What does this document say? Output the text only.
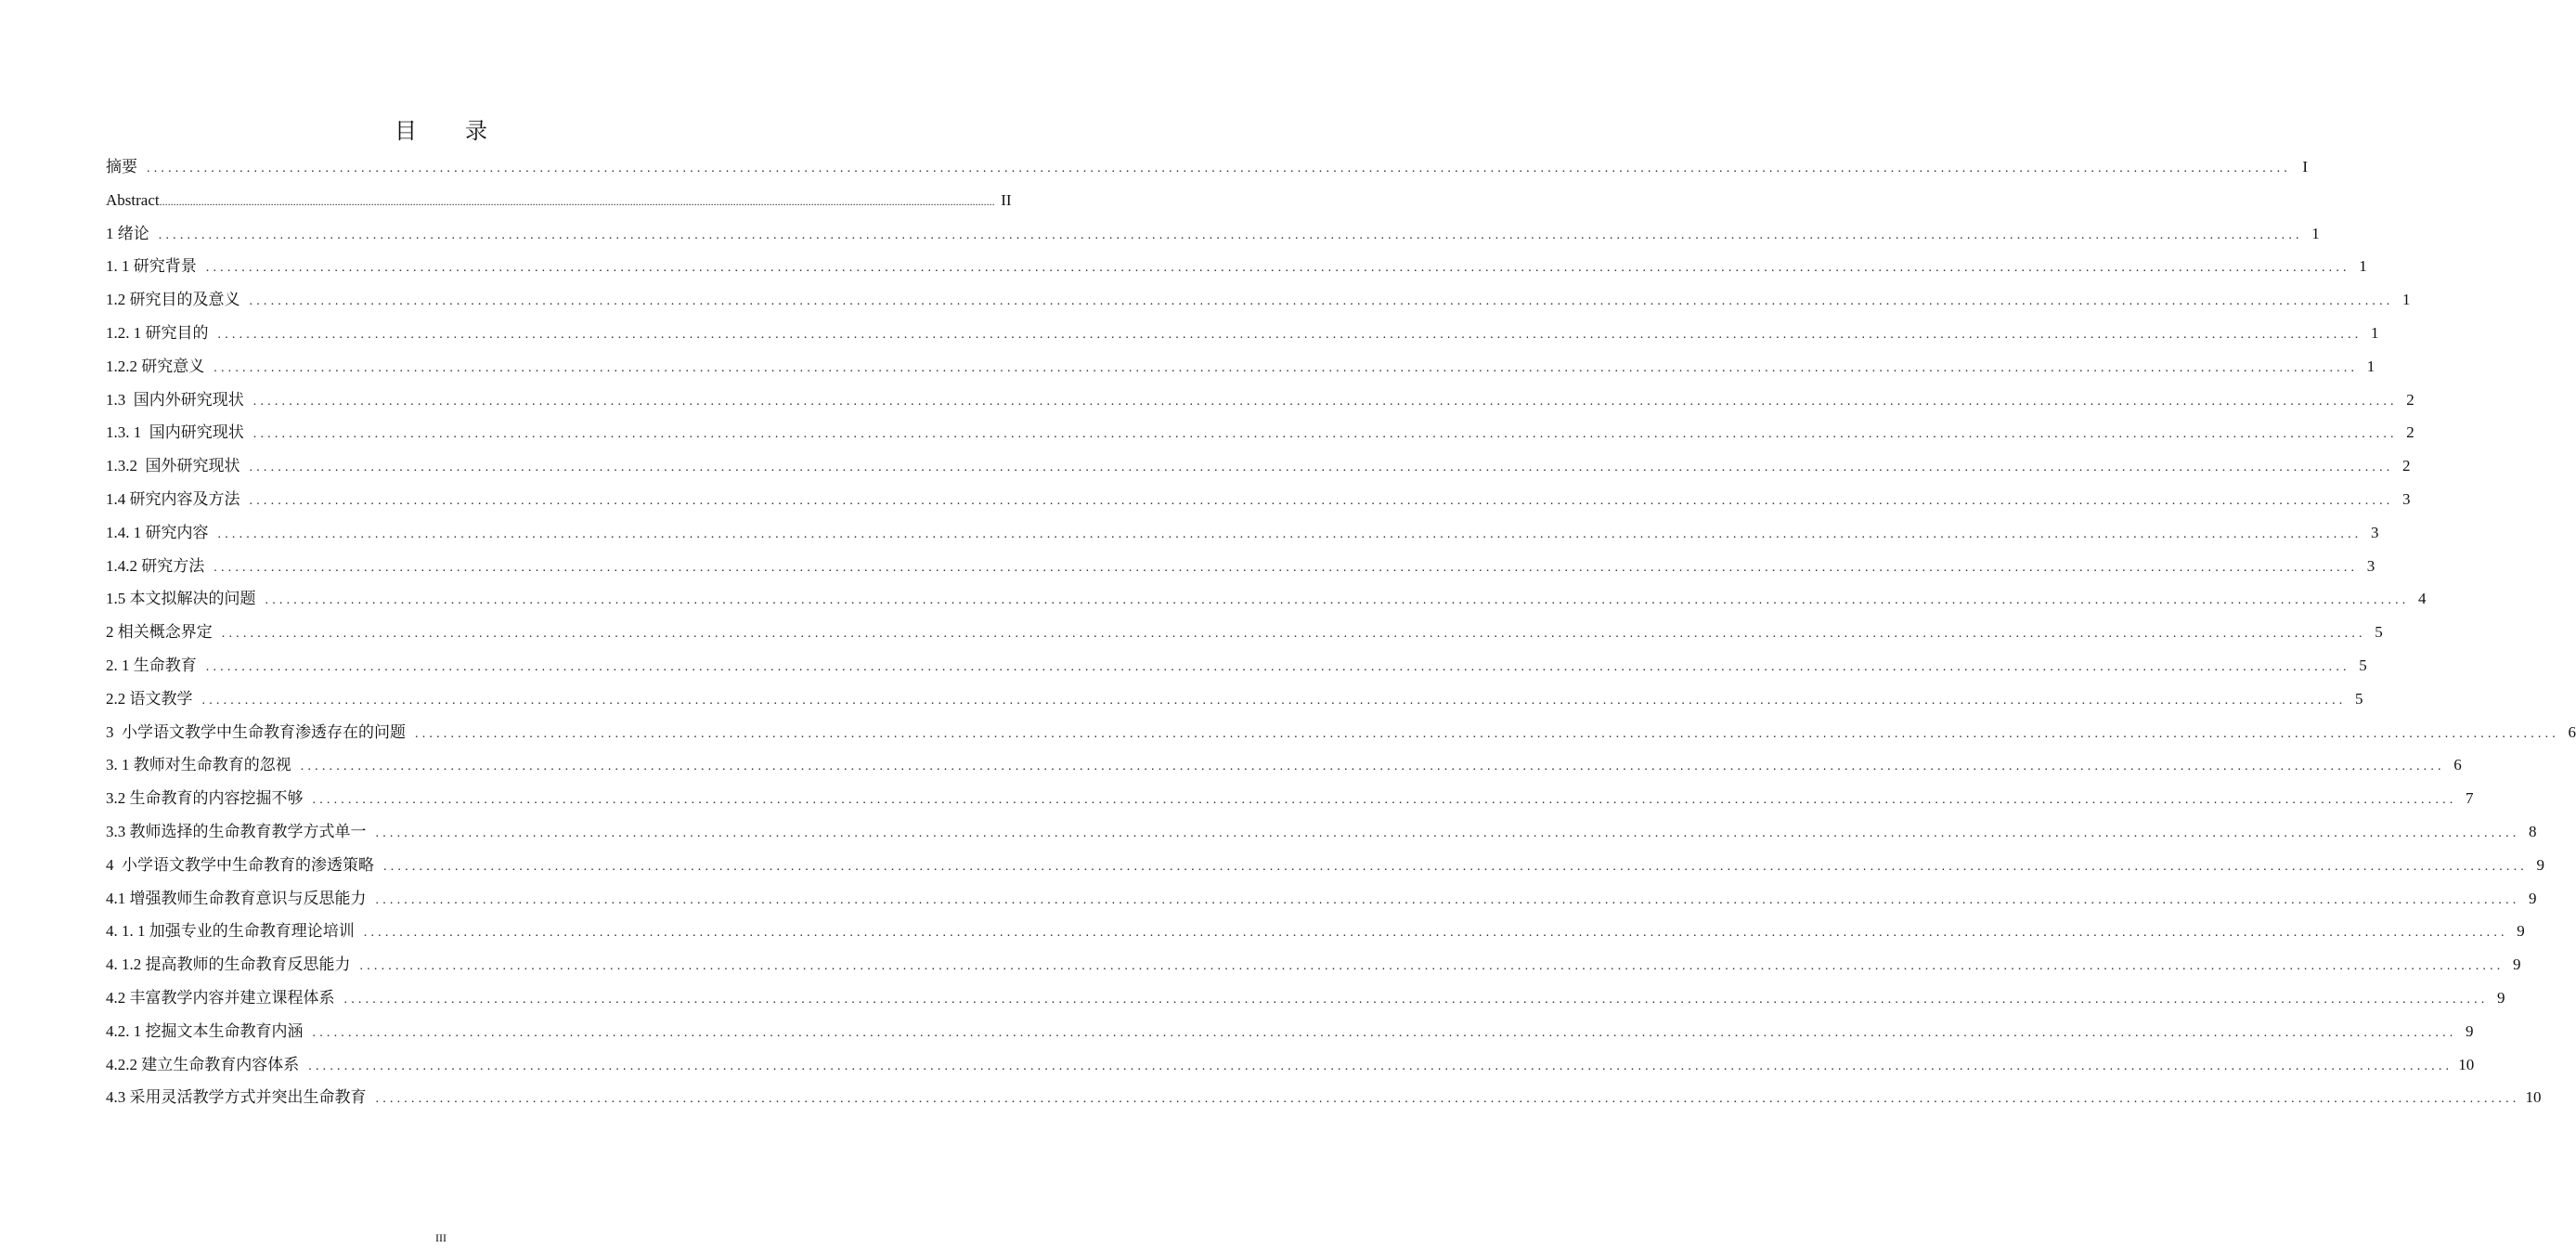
目　录
摘要 ............................................................................................................................................................................................................................................................................................................ I
Abstract ............................................................................................................................................................................................................................................................................................................ II
1 绪论 ............................................................................................................................................................................................................................................................................................................ 1
1. 1 研究背景 ............................................................................................................................................................................................................................................................................................................ 1
1.2 研究目的及意义 ............................................................................................................................................................................................................................................................................................................ 1
1.2. 1 研究目的 ............................................................................................................................................................................................................................................................................................................ 1
1.2.2 研究意义 ............................................................................................................................................................................................................................................................................................................ 1
1.3  国内外研究现状 ............................................................................................................................................................................................................................................................................................................ 2
1.3. 1  国内研究现状 ............................................................................................................................................................................................................................................................................................................ 2
1.3.2  国外研究现状 ............................................................................................................................................................................................................................................................................................................ 2
1.4 研究内容及方法 ............................................................................................................................................................................................................................................................................................................ 3
1.4. 1 研究内容 ............................................................................................................................................................................................................................................................................................................ 3
1.4.2 研究方法 ............................................................................................................................................................................................................................................................................................................ 3
1.5 本文拟解决的问题 ............................................................................................................................................................................................................................................................................................................ 4
2 相关概念界定 ............................................................................................................................................................................................................................................................................................................ 5
2. 1 生命教育 ............................................................................................................................................................................................................................................................................................................ 5
2.2 语文教学 ............................................................................................................................................................................................................................................................................................................ 5
3  小学语文教学中生命教育渗透存在的问题 ............................................................................................................................................................................................................................................................................................................ 6
3. 1 教师对生命教育的忽视 ............................................................................................................................................................................................................................................................................................................ 6
3.2 生命教育的内容挖掘不够 ............................................................................................................................................................................................................................................................................................................ 7
3.3 教师选择的生命教育教学方式单一 ............................................................................................................................................................................................................................................................................................................ 8
4  小学语文教学中生命教育的渗透策略 ............................................................................................................................................................................................................................................................................................................ 9
4.1 增强教师生命教育意识与反思能力 ............................................................................................................................................................................................................................................................................................................ 9
4. 1. 1 加强专业的生命教育理论培训 ............................................................................................................................................................................................................................................................................................................ 9
4. 1.2 提高教师的生命教育反思能力 ............................................................................................................................................................................................................................................................................................................ 9
4.2 丰富教学内容并建立课程体系 ............................................................................................................................................................................................................................................................................................................ 9
4.2. 1 挖掘文本生命教育内涵 ............................................................................................................................................................................................................................................................................................................ 9
4.2.2 建立生命教育内容体系 ............................................................................................................................................................................................................................................................................................................ 10
4.3 采用灵活教学方式并突出生命教育 ............................................................................................................................................................................................................................................................................................................ 10
III
